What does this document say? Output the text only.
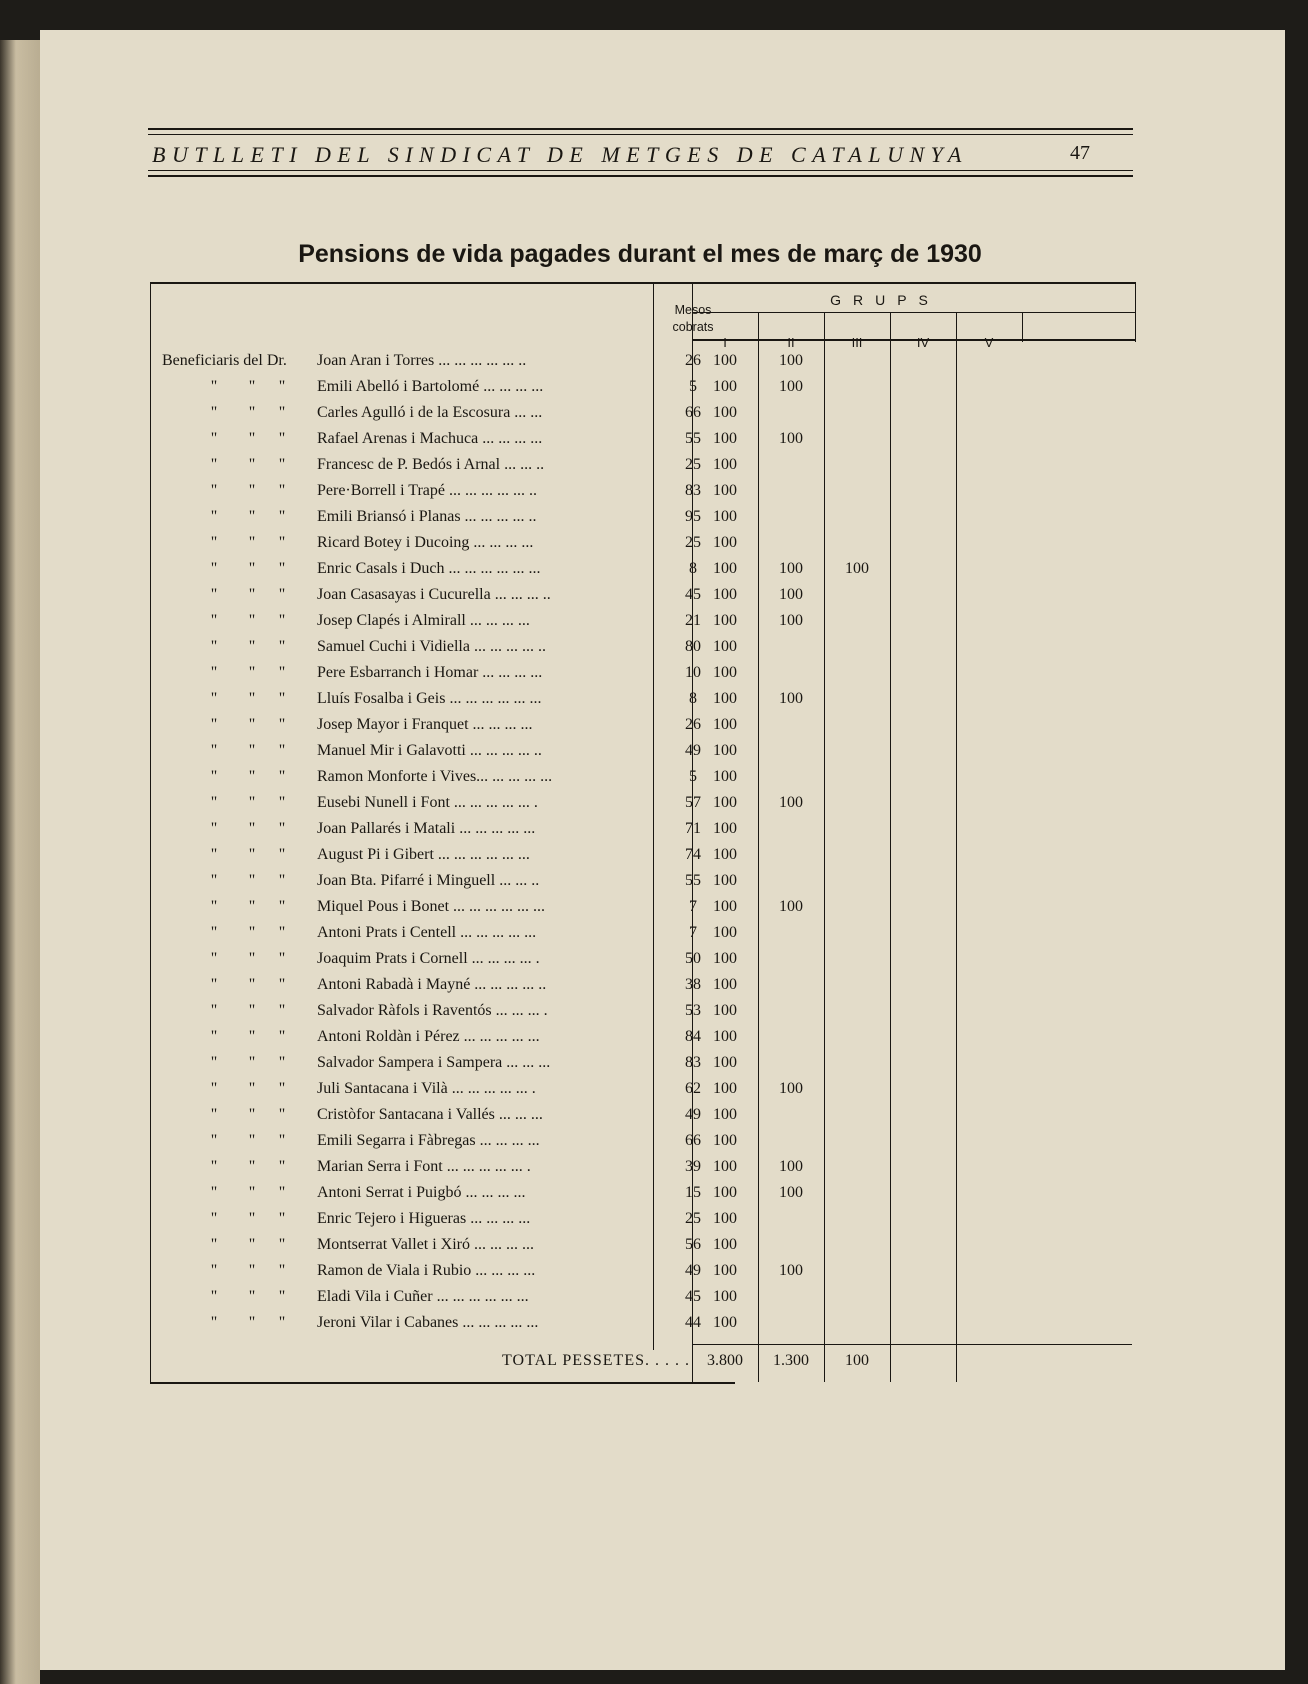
BUTLLETI DEL SINDICAT DE METGES DE CATALUNYA	47
Pensions de vida pagades durant el mes de març de 1930
Mesos
cobrats
GRUPS
I	II	III	IV	V
Beneficiaris del Dr.	Joan Aran i Torres ... ... ... ... ... ..	26 100	100
" " " Emili Abelló i Bartolomé ... ... ... ...	5	100	100
" " " Carles Agulló i de la Escosura ... ...	66 100
" " " Rafael Arenas i Machuca ... ... ... ...	55 100	100
" " " Francesc de P. Bedós i Arnal ... ... ..	25 100
" " " Pere·Borrell i Trapé ... ... ... ... ... ..	83 100
" " " Emili Briansó i Planas ... ... ... ... ..	95 100
" " " Ricard Botey i Ducoing ... ... ... ...	25 100
" " " Enric Casals i Duch ... ... ... ... ... ...	8	100	100	100
" " " Joan Casasayas i Cucurella ... ... ... ..	45 100	100
" " " Josep Clapés i Almirall ... ... ... ...	21 100	100
" " " Samuel Cuchi i Vidiella ... ... ... ... ..	80 100
" " " Pere Esbarranch i Homar ... ... ... ...	10 100
" " " Lluís Fosalba i Geis ... ... ... ... ... ...	8	100	100
" " " Josep Mayor i Franquet ... ... ... ...	26 100
" " " Manuel Mir i Galavotti ... ... ... ... ..	49 100
" " " Ramon Monforte i Vives... ... ... ... ...	5	100
" " " Eusebi Nunell i Font ... ... ... ... ... .	57 100	100
" " " Joan Pallarés i Matali ... ... ... ... ...	71 100
" " " August Pi i Gibert ... ... ... ... ... ...	74 100
" " " Joan Bta. Pifarré i Minguell ... ... ..	55 100
" " " Miquel Pous i Bonet ... ... ... ... ... ...	7	100	100
" " " Antoni Prats i Centell ... ... ... ... ...	7	100
" " " Joaquim Prats i Cornell ... ... ... ... .	50 100
" " " Antoni Rabadà i Mayné ... ... ... ... ..	38 100
" " " Salvador Ràfols i Raventós ... ... ... .	53 100
" " " Antoni Roldàn i Pérez ... ... ... ... ...	84 100
" " " Salvador Sampera i Sampera ... ... ...	83 100
" " " Juli Santacana i Vilà ... ... ... ... ... .	62 100	100
" " " Cristòfor Santacana i Vallés ... ... ...	49 100
" " " Emili Segarra i Fàbregas ... ... ... ...	66 100
" " " Marian Serra i Font ... ... ... ... ... .	39 100	100
" " " Antoni Serrat i Puigbó ... ... ... ...	15 100	100
" " " Enric Tejero i Higueras ... ... ... ...	25 100
" " " Montserrat Vallet i Xiró ... ... ... ...	56 100
" " " Ramon de Viala i Rubio ... ... ... ...	49 100	100
" " " Eladi Vila i Cuñer ... ... ... ... ... ...	45 100
" " " Jeroni Vilar i Cabanes ... ... ... ... ...	44 100
TOTAL PESSETES. . . . .	3.800	1.300	100
